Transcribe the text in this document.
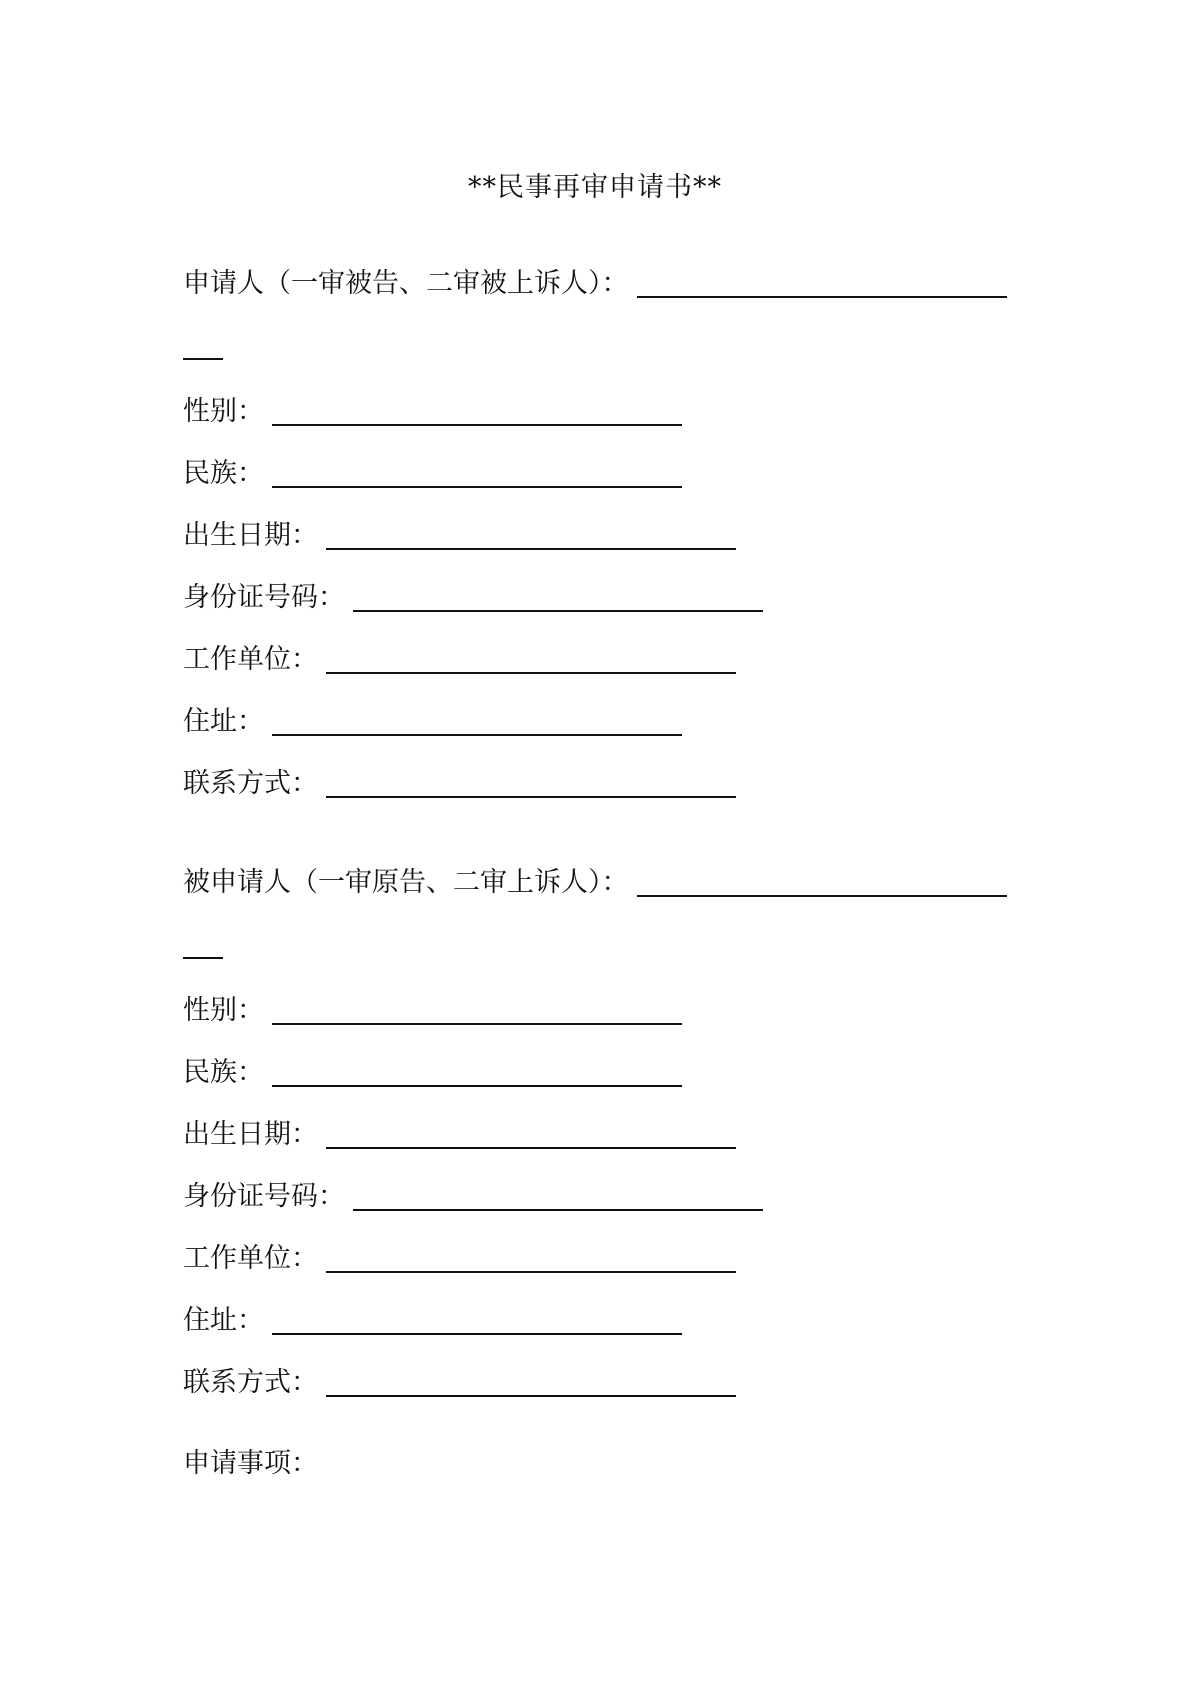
**民事再审申请书**
申请人（一审被告、二审被上诉人）：
性别：
民族：
出生日期：
身份证号码：
工作单位：
住址：
联系方式：
被申请人（一审原告、二审上诉人）：
性别：
民族：
出生日期：
身份证号码：
工作单位：
住址：
联系方式：
申请事项：
